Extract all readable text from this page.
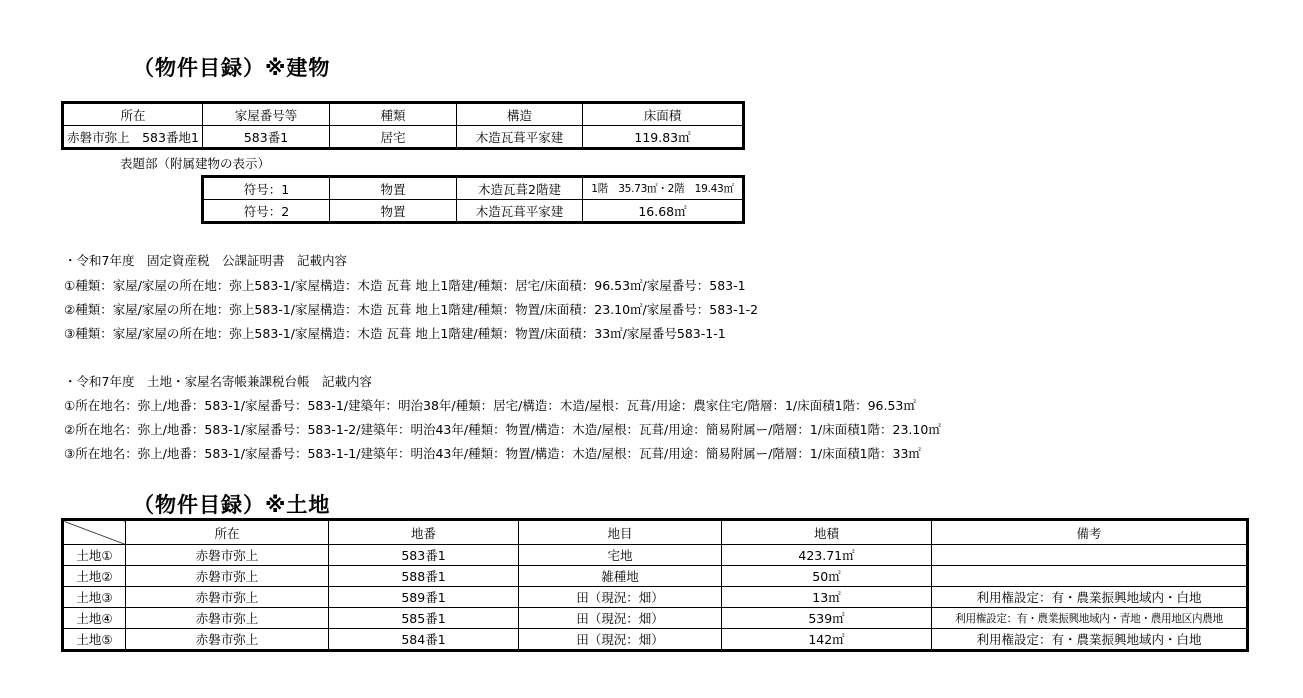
（物件目録）※建物
所在	家屋番号等	種類	構造	床面積
赤磐市弥上　583番地1	583番1	居宅	木造瓦葺平家建	119.83㎡
表題部（附属建物の表示）
符号：1	物置	木造瓦葺2階建	1階　35.73㎡・2階　19.43㎡
符号：2	物置	木造瓦葺平家建	16.68㎡

・令和7年度　固定資産税　公課証明書　記載内容

①種類：家屋/家屋の所在地：弥上583-1/家屋構造：木造 瓦葺 地上1階建/種類：居宅/床面積：96.53㎡/家屋番号：583-1

②種類：家屋/家屋の所在地：弥上583-1/家屋構造：木造 瓦葺 地上1階建/種類：物置/床面積：23.10㎡/家屋番号：583-1-2

③種類：家屋/家屋の所在地：弥上583-1/家屋構造：木造 瓦葺 地上1階建/種類：物置/床面積：33㎡/家屋番号583-1-1

・令和7年度　土地・家屋名寄帳兼課税台帳　記載内容

①所在地名：弥上/地番：583-1/家屋番号：583-1/建築年：明治38年/種類：居宅/構造：木造/屋根：瓦葺/用途：農家住宅/階層：1/床面積1階：96.53㎡

②所在地名：弥上/地番：583-1/家屋番号：583-1-2/建築年：明治43年/種類：物置/構造：木造/屋根：瓦葺/用途：簡易附属ー/階層：1/床面積1階：23.10㎡

③所在地名：弥上/地番：583-1/家屋番号：583-1-1/建築年：明治43年/種類：物置/構造：木造/屋根：瓦葺/用途：簡易附属ー/階層：1/床面積1階：33㎡

（物件目録）※土地
	所在	地番	地目	地積	備考
土地①	赤磐市弥上	583番1	宅地	423.71㎡	
土地②	赤磐市弥上	588番1	雑種地	50㎡	
土地③	赤磐市弥上	589番1	田（現況：畑）	13㎡	利用権設定：有・農業振興地域内・白地
土地④	赤磐市弥上	585番1	田（現況：畑）	539㎡	利用権設定：有・農業振興地域内・青地・農用地区内農地
土地⑤	赤磐市弥上	584番1	田（現況：畑）	142㎡	利用権設定：有・農業振興地域内・白地
